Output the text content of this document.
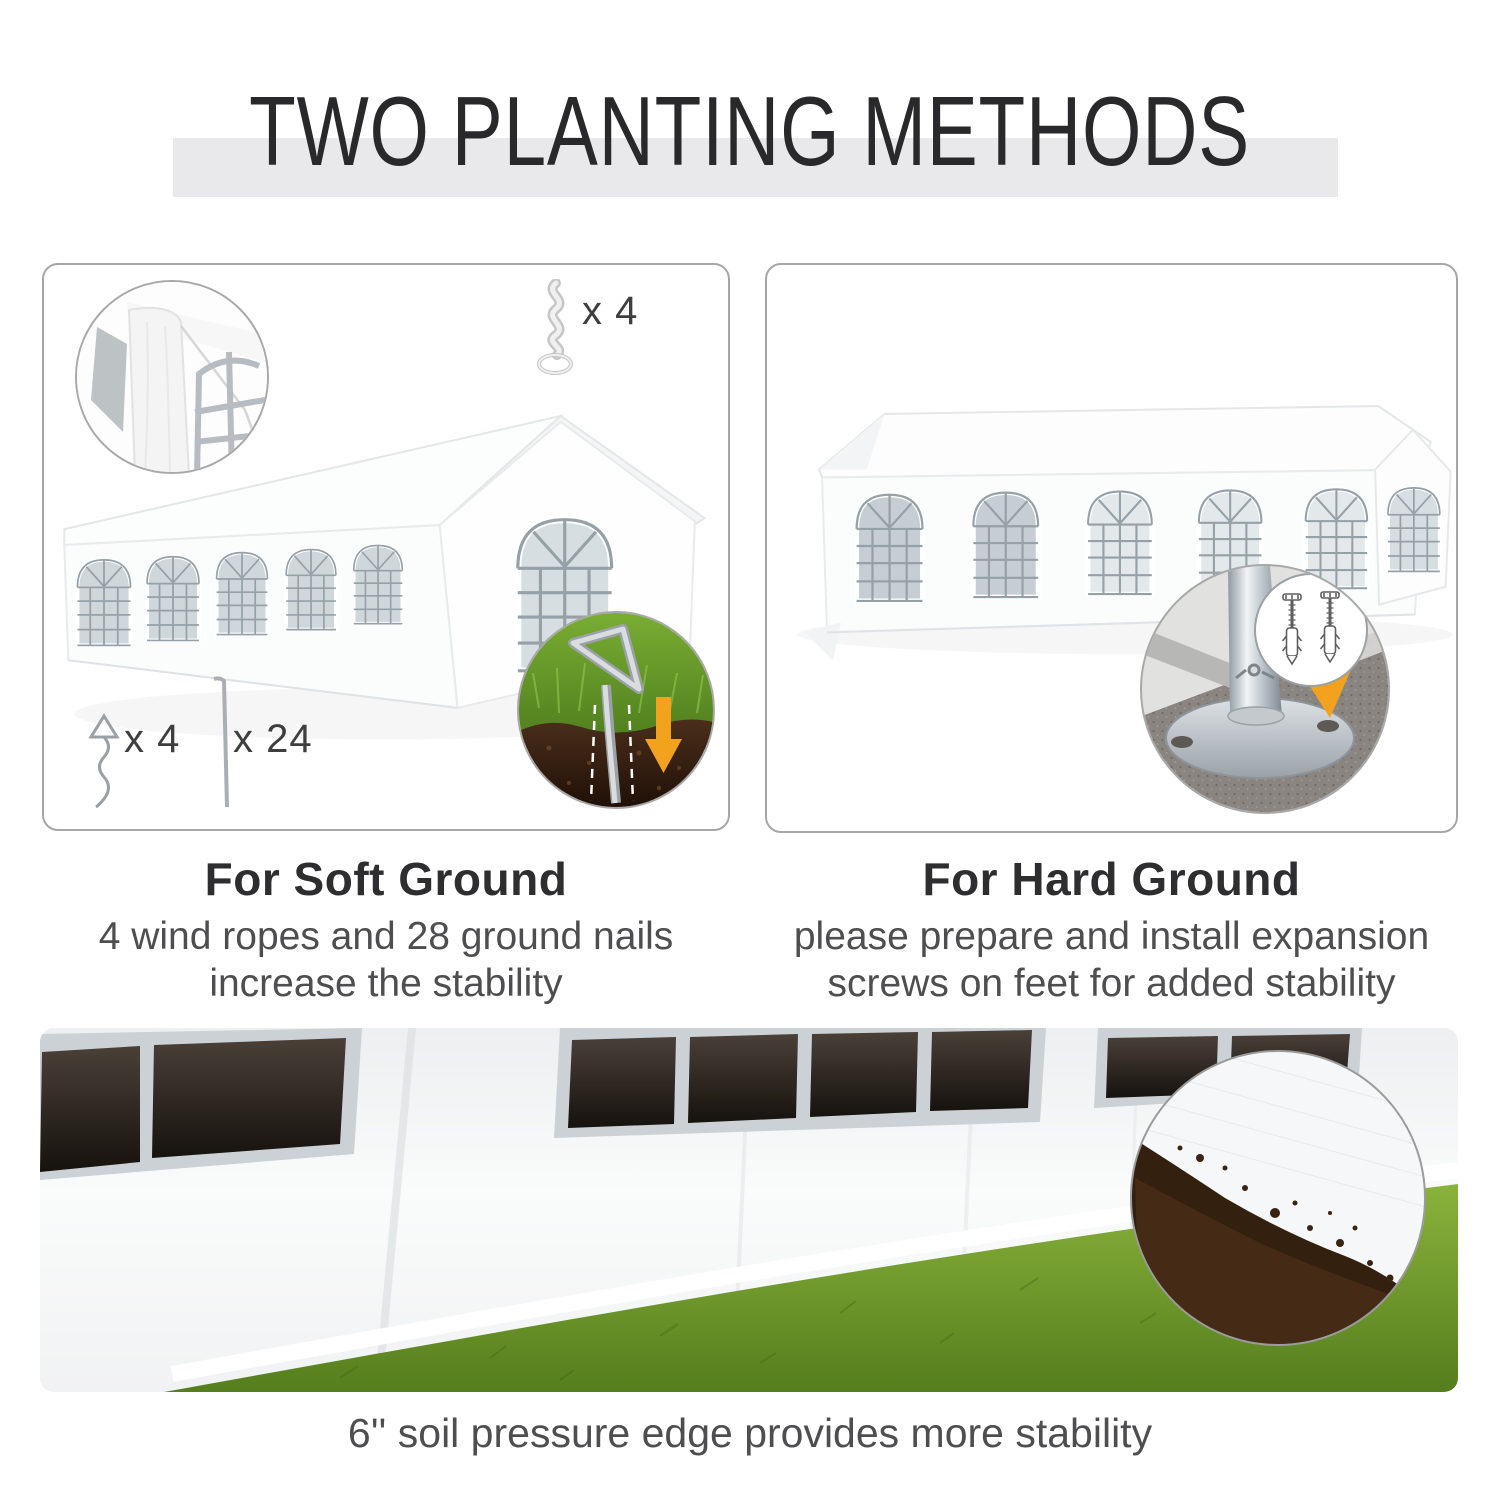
TWO PLANTING METHODS
x 4
x 4 x 24
For Soft Ground
4 wind ropes and 28 ground nails
increase the stability
For Hard Ground
please prepare and install expansion
screws on feet for added stability
6'' soil pressure edge provides more stability
